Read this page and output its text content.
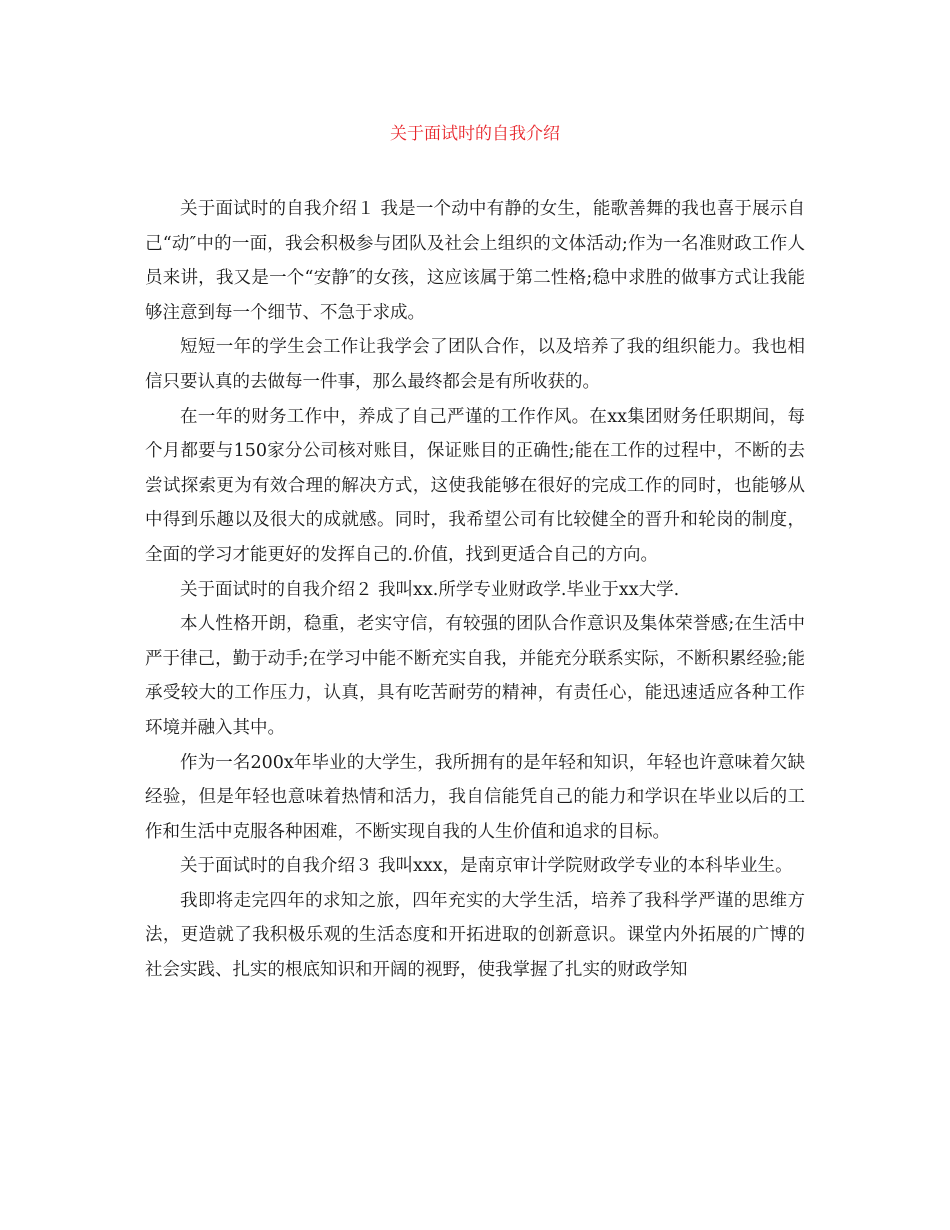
关于面试时的自我介绍

关于面试时的自我介绍１ 我是一个动中有静的女生，能歌善舞的我也喜于展示自己“动″中的一面，我会积极参与团队及社会上组织的文体活动;作为一名准财政工作人员来讲，我又是一个“安静″的女孩，这应该属于第二性格;稳中求胜的做事方式让我能够注意到每一个细节、不急于求成。

短短一年的学生会工作让我学会了团队合作，以及培养了我的组织能力。我也相信只要认真的去做每一件事，那么最终都会是有所收获的。

在一年的财务工作中，养成了自己严谨的工作作风。在xx集团财务任职期间，每个月都要与150家分公司核对账目，保证账目的正确性;能在工作的过程中，不断的去尝试探索更为有效合理的解决方式，这使我能够在很好的完成工作的同时，也能够从中得到乐趣以及很大的成就感。同时，我希望公司有比较健全的晋升和轮岗的制度，全面的学习才能更好的发挥自己的.价值，找到更适合自己的方向。

关于面试时的自我介绍２ 我叫xx.所学专业财政学.毕业于xx大学.

本人性格开朗，稳重，老实守信，有较强的团队合作意识及集体荣誉感;在生活中严于律己，勤于动手;在学习中能不断充实自我，并能充分联系实际，不断积累经验;能承受较大的工作压力，认真，具有吃苦耐劳的精神，有责任心，能迅速适应各种工作环境并融入其中。

作为一名200x年毕业的大学生，我所拥有的是年轻和知识，年轻也许意味着欠缺经验，但是年轻也意味着热情和活力，我自信能凭自己的能力和学识在毕业以后的工作和生活中克服各种困难，不断实现自我的人生价值和追求的目标。

关于面试时的自我介绍３ 我叫xxx，是南京审计学院财政学专业的本科毕业生。

我即将走完四年的求知之旅，四年充实的大学生活，培养了我科学严谨的思维方法，更造就了我积极乐观的生活态度和开拓进取的创新意识。课堂内外拓展的广博的社会实践、扎实的根底知识和开阔的视野，使我掌握了扎实的财政学知
